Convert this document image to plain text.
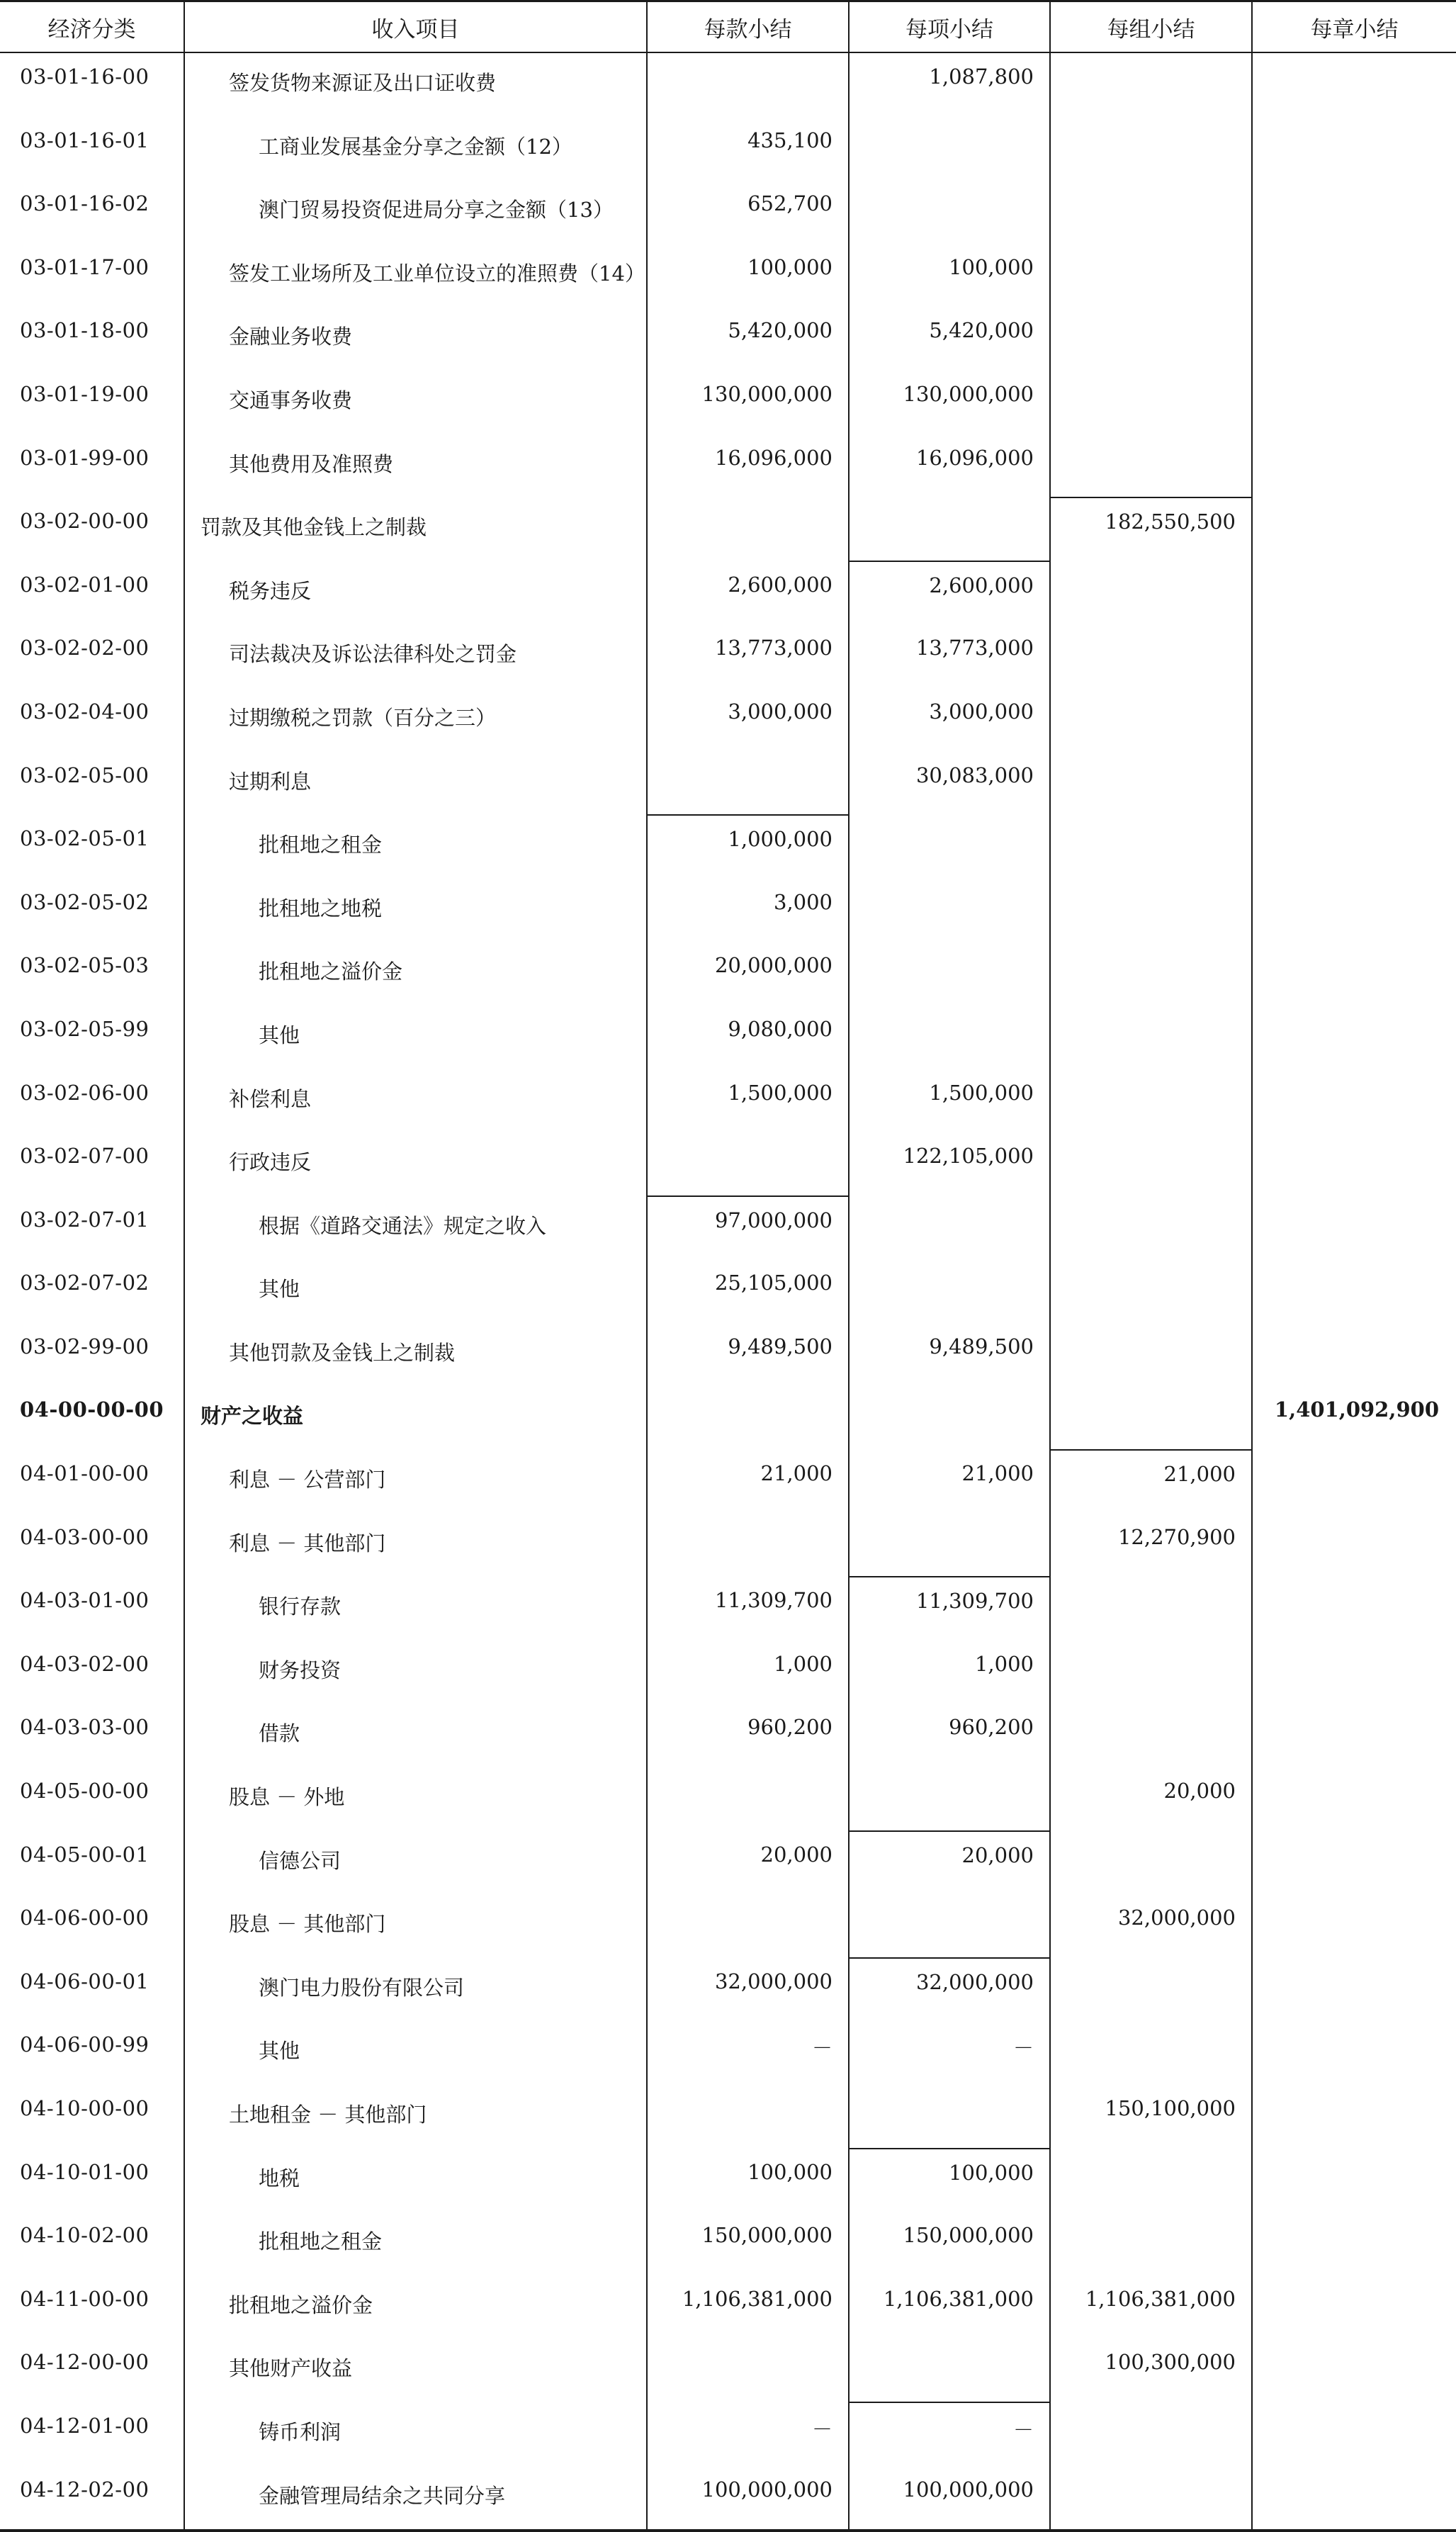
经济分类	收入项目	每款小结	每项小结	每组小结	每章小结
03-01-16-00	签发货物来源证及出口证收费		1,087,800		
03-01-16-01	工商业发展基金分享之金额（12）	435,100			
03-01-16-02	澳门贸易投资促进局分享之金额（13）	652,700			
03-01-17-00	签发工业场所及工业单位设立的准照费（14）	100,000	100,000		
03-01-18-00	金融业务收费	5,420,000	5,420,000		
03-01-19-00	交通事务收费	130,000,000	130,000,000		
03-01-99-00	其他费用及准照费	16,096,000	16,096,000		
03-02-00-00	罚款及其他金钱上之制裁			182,550,500	
03-02-01-00	税务违反	2,600,000	2,600,000		
03-02-02-00	司法裁决及诉讼法律科处之罚金	13,773,000	13,773,000		
03-02-04-00	过期缴税之罚款（百分之三）	3,000,000	3,000,000		
03-02-05-00	过期利息		30,083,000		
03-02-05-01	批租地之租金	1,000,000			
03-02-05-02	批租地之地税	3,000			
03-02-05-03	批租地之溢价金	20,000,000			
03-02-05-99	其他	9,080,000			
03-02-06-00	补偿利息	1,500,000	1,500,000		
03-02-07-00	行政违反		122,105,000		
03-02-07-01	根据《道路交通法》规定之收入	97,000,000			
03-02-07-02	其他	25,105,000			
03-02-99-00	其他罚款及金钱上之制裁	9,489,500	9,489,500		
04-00-00-00	财产之收益				1,401,092,900
04-01-00-00	利息 － 公营部门	21,000	21,000	21,000	
04-03-00-00	利息 － 其他部门			12,270,900	
04-03-01-00	银行存款	11,309,700	11,309,700		
04-03-02-00	财务投资	1,000	1,000		
04-03-03-00	借款	960,200	960,200		
04-05-00-00	股息 － 外地			20,000	
04-05-00-01	信德公司	20,000	20,000		
04-06-00-00	股息 － 其他部门			32,000,000	
04-06-00-01	澳门电力股份有限公司	32,000,000	32,000,000		
04-06-00-99	其他	－	－		
04-10-00-00	土地租金 － 其他部门			150,100,000	
04-10-01-00	地税	100,000	100,000		
04-10-02-00	批租地之租金	150,000,000	150,000,000		
04-11-00-00	批租地之溢价金	1,106,381,000	1,106,381,000	1,106,381,000	
04-12-00-00	其他财产收益			100,300,000	
04-12-01-00	铸币利润	－	－		
04-12-02-00	金融管理局结余之共同分享	100,000,000	100,000,000		
